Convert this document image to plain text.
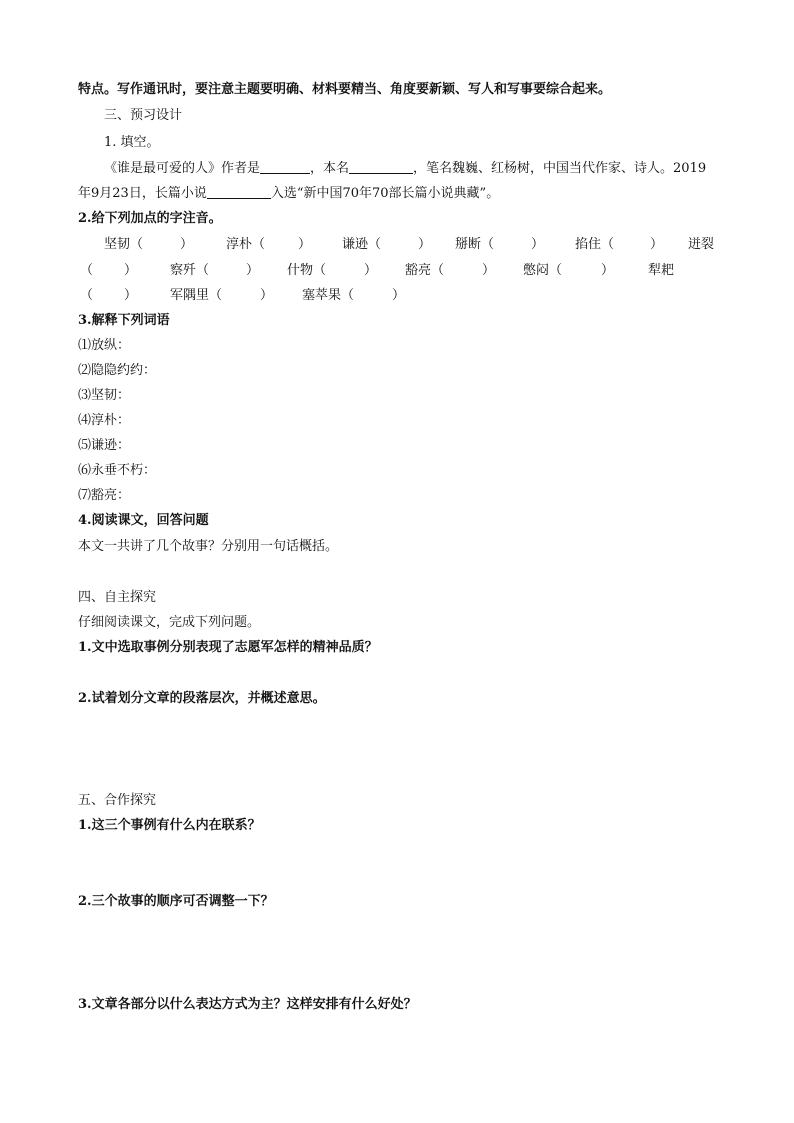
特点。写作通讯时，要注意主题要明确、材料要精当、角度要新颖、写人和写事要综合起来。
三、预习设计
1. 填空。
《谁是最可爱的人》作者是	，本名	，笔名魏巍、红杨树，中国当代作家、诗人。2019
年9月23日，长篇小说	入选“新中国70年70部长篇小说典藏”。
2.给下列加点的字注音。
坚韧（	）	淳朴（	） 谦逊（	） 掰断（	） 掐住（	） 迸裂
（ ）	察歼（	） 什物（	） 豁亮（	） 憋闷（	）	犁耙
（ ）	军隅里（	） 塞萃果（	）
3.解释下列词语
⑴放纵：
⑵隐隐约约：
⑶坚韧：
⑷淳朴：
⑸谦逊：
⑹永垂不朽：
⑺豁亮：
4.阅读课文，回答问题
本文一共讲了几个故事？分别用一句话概括。
四、自主探究
仔细阅读课文，完成下列问题。
1.文中选取事例分别表现了志愿军怎样的精神品质？
2.试着划分文章的段落层次，并概述意思。
五、合作探究
1.这三个事例有什么内在联系？
2.三个故事的顺序可否调整一下？
3.文章各部分以什么表达方式为主？这样安排有什么好处？
